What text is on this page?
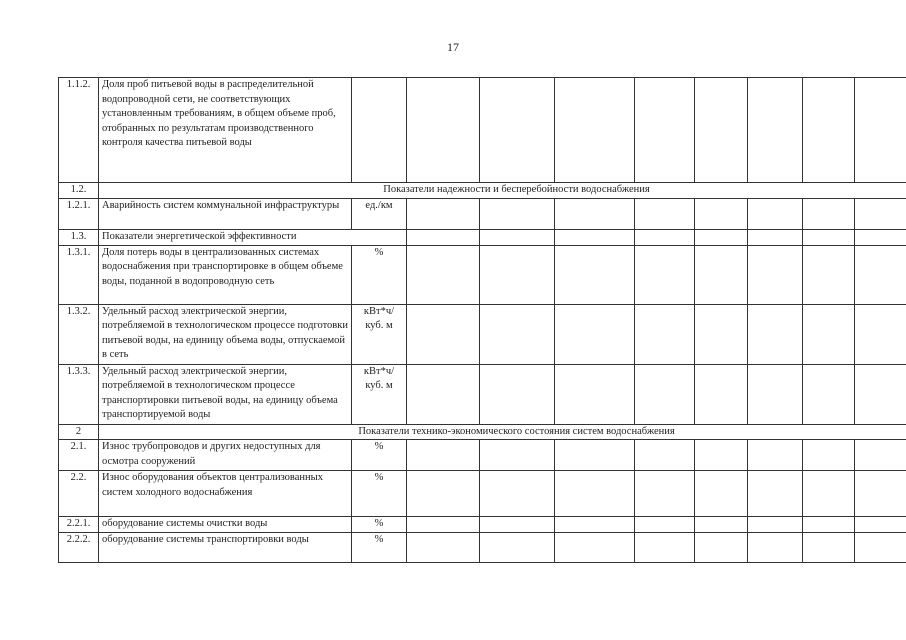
17
1.1.2.	Доля проб питьевой воды в распределительной водопроводной сети, не соответствующих установленным требованиям, в общем объеме проб, отобранных по результатам производственного контроля качества питьевой воды									
1.2.	Показатели надежности и бесперебойности водоснабжения									
1.2.1.	Аварийность систем коммунальной инфраструктуры	ед./км								
1.3.	Показатели энергетической эффективности									
1.3.1.	Доля потерь воды в централизованных системах водоснабжения при транспортировке в общем объеме воды, поданной в водопроводную сеть	%								
1.3.2.	Удельный расход электрической энергии, потребляемой в технологическом процессе подготовки питьевой воды, на единицу объема воды, отпускаемой в сеть	кВт*ч/ куб. м								
1.3.3.	Удельный расход электрической энергии, потребляемой в технологическом процессе транспортировки питьевой воды, на единицу объема транспортируемой воды	кВт*ч/ куб. м								
2	Показатели технико-экономического состояния систем водоснабжения									
2.1.	Износ трубопроводов и других недоступных для осмотра сооружений	%								
2.2.	Износ оборудования объектов централизованных систем холодного водоснабжения	%								
2.2.1.	оборудование системы очистки воды	%								
2.2.2.	оборудование системы транспортировки воды	%								
